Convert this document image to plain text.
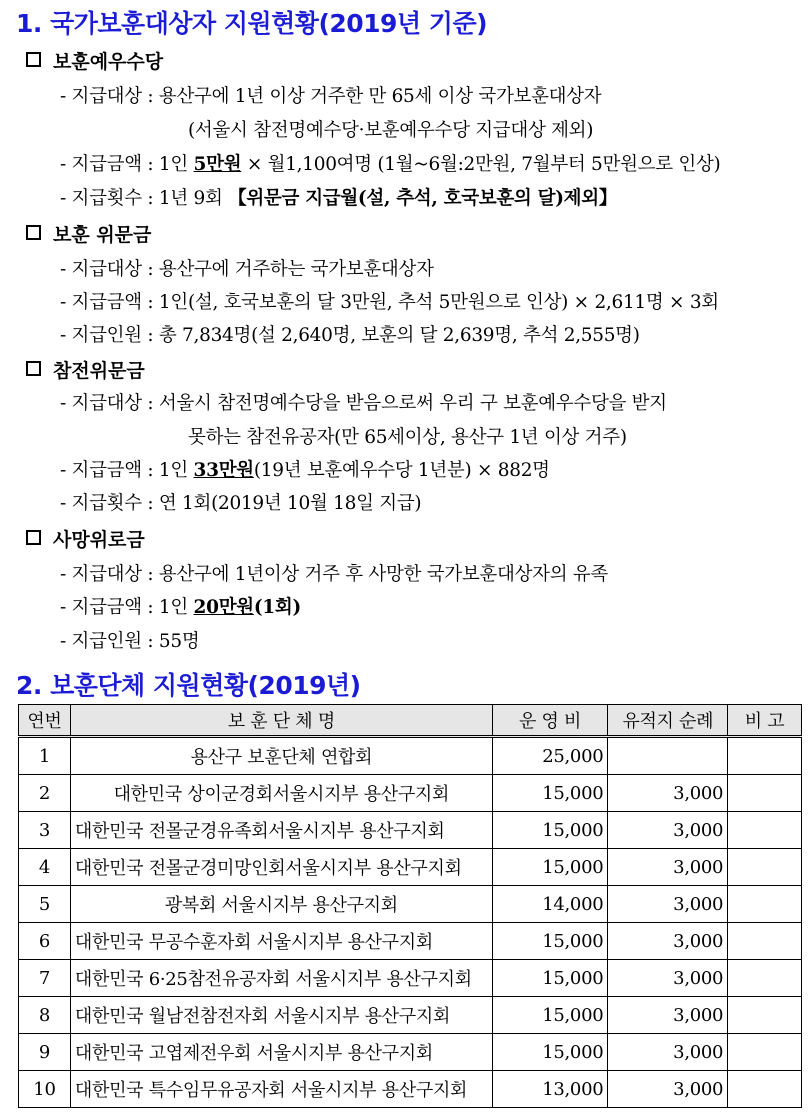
1. 국가보훈대상자 지원현황(2019년 기준)
보훈예우수당
- 지급대상 : 용산구에 1년 이상 거주한 만 65세 이상 국가보훈대상자
(서울시 참전명예수당·보훈예우수당 지급대상 제외)
- 지급금액 : 1인 5만원 × 월1,100여명 (1월~6월:2만원, 7월부터 5만원으로 인상)
- 지급횟수 : 1년 9회 【위문금 지급월(설, 추석, 호국보훈의 달)제외】
보훈 위문금
- 지급대상 : 용산구에 거주하는 국가보훈대상자
- 지급금액 : 1인(설, 호국보훈의 달 3만원, 추석 5만원으로 인상) × 2,611명 × 3회
- 지급인원 : 총 7,834명(설 2,640명, 보훈의 달 2,639명, 추석 2,555명)
참전위문금
- 지급대상 : 서울시 참전명예수당을 받음으로써 우리 구 보훈예우수당을 받지
못하는 참전유공자(만 65세이상, 용산구 1년 이상 거주)
- 지급금액 : 1인 33만원(19년 보훈예우수당 1년분) × 882명
- 지급횟수 : 연 1회(2019년 10월 18일 지급)
사망위로금
- 지급대상 : 용산구에 1년이상 거주 후 사망한 국가보훈대상자의 유족
- 지급금액 : 1인 20만원(1회)
- 지급인원 : 55명
2. 보훈단체 지원현황(2019년)
연번	보 훈 단 체 명	운 영 비	유적지 순례	비 고
1	용산구 보훈단체 연합회	25,000		
2	대한민국 상이군경회서울시지부 용산구지회	15,000	3,000	
3	대한민국 전몰군경유족회서울시지부 용산구지회	15,000	3,000	
4	대한민국 전몰군경미망인회서울시지부 용산구지회	15,000	3,000	
5	광복회 서울시지부 용산구지회	14,000	3,000	
6	대한민국 무공수훈자회 서울시지부 용산구지회	15,000	3,000	
7	대한민국 6·25참전유공자회 서울시지부 용산구지회	15,000	3,000	
8	대한민국 월남전참전자회 서울시지부 용산구지회	15,000	3,000	
9	대한민국 고엽제전우회 서울시지부 용산구지회	15,000	3,000	
10	대한민국 특수임무유공자회 서울시지부 용산구지회	13,000	3,000	
